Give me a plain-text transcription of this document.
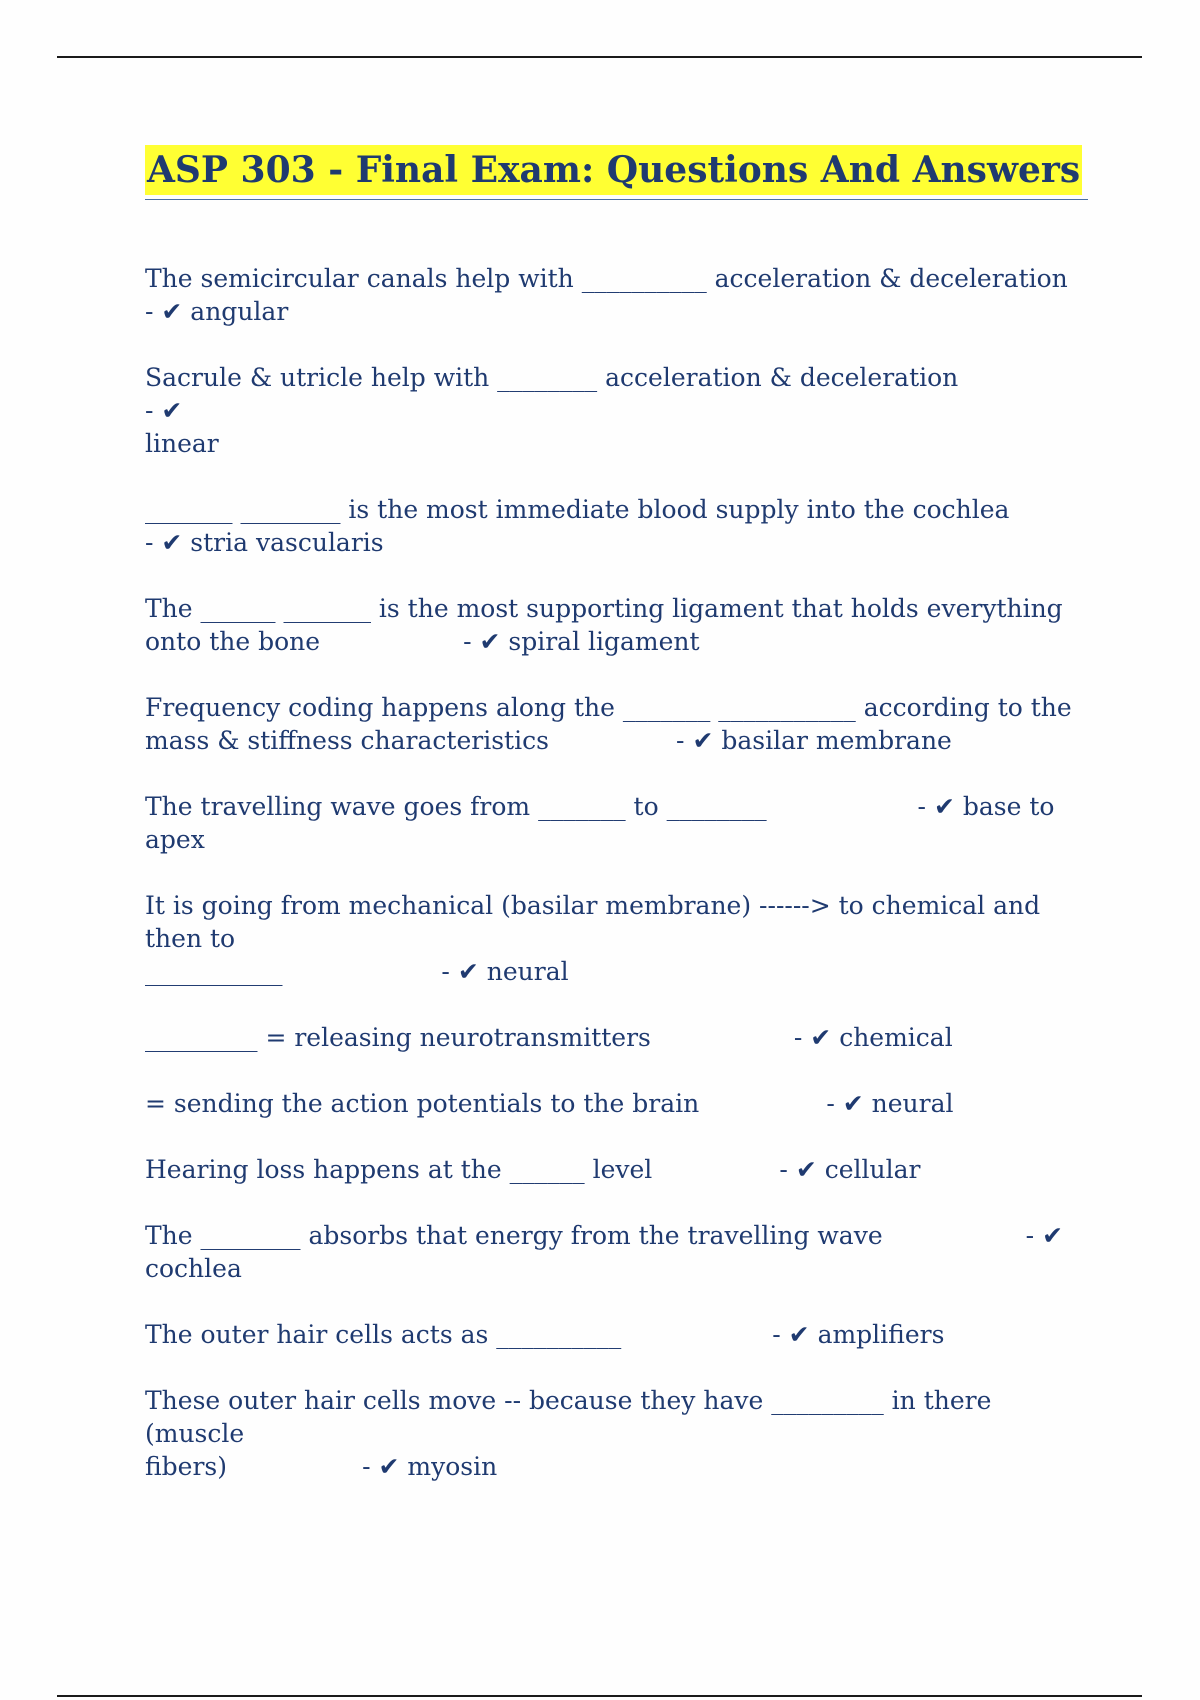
ASP 303 - Final Exam: Questions And Answers
The semicircular canals help with __________ acceleration & deceleration
- ✔ angular
Sacrule & utricle help with ________ acceleration & deceleration                      - ✔
linear
_______ ________ is the most immediate blood supply into the cochlea
- ✔ stria vascularis
The ______ _______ is the most supporting ligament that holds everything
onto the bone                  - ✔ spiral ligament
Frequency coding happens along the _______ ___________ according to the
mass & stiffness characteristics                - ✔ basilar membrane
The travelling wave goes from _______ to ________                   - ✔ base to apex
It is going from mechanical (basilar membrane) ------> to chemical and then to
___________                    - ✔ neural
_________ = releasing neurotransmitters                  - ✔ chemical
= sending the action potentials to the brain                - ✔ neural
Hearing loss happens at the ______ level                - ✔ cellular
The ________ absorbs that energy from the travelling wave                  - ✔
cochlea
The outer hair cells acts as __________                   - ✔ amplifiers
These outer hair cells move -- because they have _________ in there (muscle
fibers)                 - ✔ myosin
